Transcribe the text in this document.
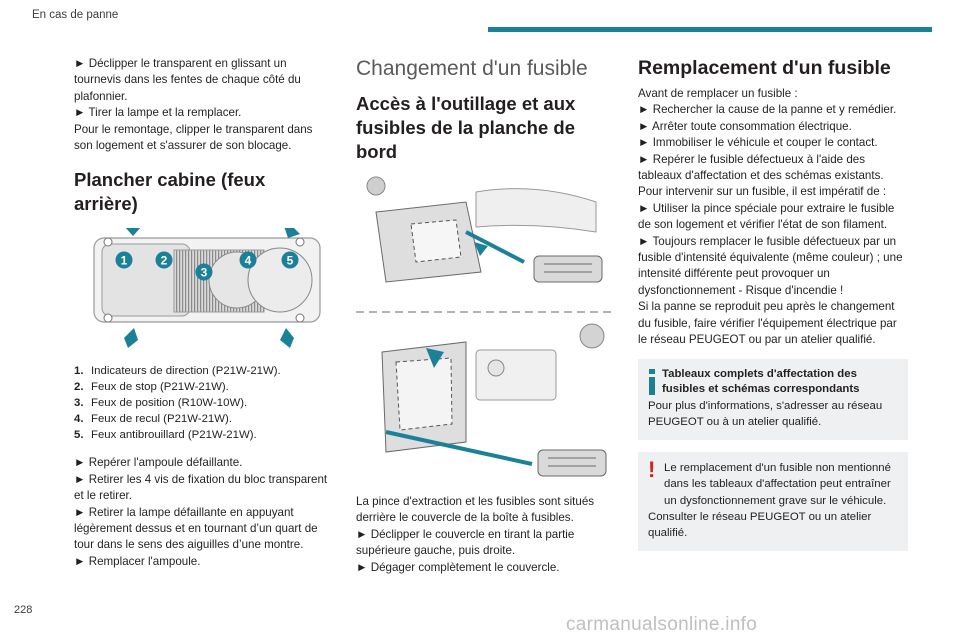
En cas de panne

► Déclipper le transparent en glissant un tournevis dans les fentes de chaque côté du plafonnier.

► Tirer la lampe et la remplacer.

Pour le remontage, clipper le transparent dans son logement et s'assurer de son blocage.

Plancher cabine (feux arrière)
1	2
3
4	5
1. Indicateurs de direction (P21W-21W).
2. Feux de stop (P21W-21W).
3. Feux de position (R10W-10W).
4. Feux de recul (P21W-21W).
5. Feux antibrouillard (P21W-21W).

► Repérer l'ampoule défaillante.

► Retirer les 4 vis de fixation du bloc transparent et le retirer.

► Retirer la lampe défaillante en appuyant légèrement dessus et en tournant d’un quart de tour dans le sens des aiguilles d’une montre.

► Remplacer l'ampoule.

Changement d'un fusible
Accès à l'outillage et aux fusibles de la planche de bord

La pince d'extraction et les fusibles sont situés derrière le couvercle de la boîte à fusibles.

► Déclipper le couvercle en tirant la partie supérieure gauche, puis droite.

► Dégager complètement le couvercle.

Remplacement d'un fusible

Avant de remplacer un fusible :

► Rechercher la cause de la panne et y remédier.

► Arrêter toute consommation électrique.

► Immobiliser le véhicule et couper le contact.

► Repérer le fusible défectueux à l'aide des tableaux d'affectation et des schémas existants.

Pour intervenir sur un fusible, il est impératif de :

► Utiliser la pince spéciale pour extraire le fusible de son logement et vérifier l'état de son filament.

► Toujours remplacer le fusible défectueux par un fusible d'intensité équivalente (même couleur) ; une intensité différente peut provoquer un dysfonctionnement - Risque d'incendie !

Si la panne se reproduit peu après le changement du fusible, faire vérifier l'équipement électrique par le réseau PEUGEOT ou par un atelier qualifié.

Tableaux complets d'affectation des fusibles et schémas correspondants

Pour plus d'informations, s'adresser au réseau PEUGEOT ou à un atelier qualifié.

! Le remplacement d'un fusible non mentionné dans les tableaux d'affectation peut entraîner un dysfonctionnement grave sur le véhicule.

Consulter le réseau PEUGEOT ou un atelier qualifié.

228
carmanualsonline.info
